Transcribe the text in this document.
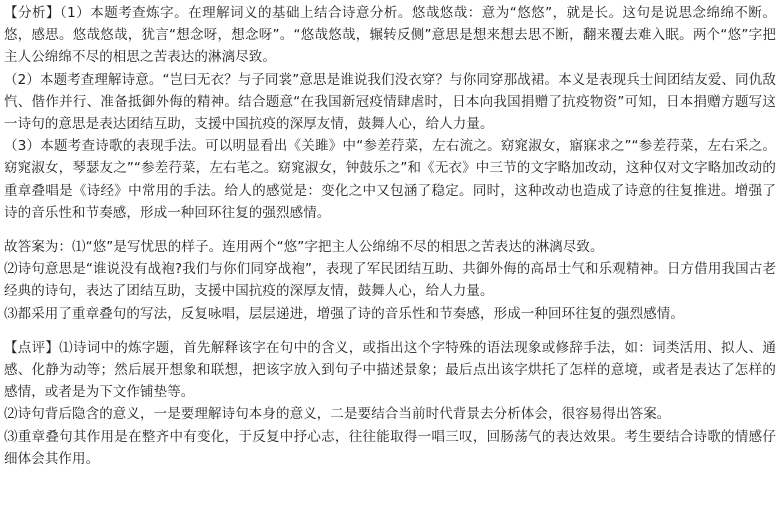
【分析】（1）本题考查炼字。在理解词义的基础上结合诗意分析。悠哉悠哉：意为“悠悠”，就是长。这句是说思念绵绵不断。悠，感思。悠哉悠哉，犹言“想念呀，想念呀”。“悠哉悠哉，辗转反侧”意思是想来想去思不断，翻来覆去难入眠。两个“悠”字把主人公绵绵不尽的相思之苦表达的淋漓尽致。

（2）本题考查理解诗意。“岂曰无衣？与子同裳”意思是谁说我们没衣穿？与你同穿那战裙。本义是表现兵士间团结友爱、同仇敌忾、偕作并行、准备抵御外侮的精神。结合题意“在我国新冠疫情肆虐时，日本向我国捐赠了抗疫物资”可知，日本捐赠方题写这一诗句的意思是表达团结互助，支援中国抗疫的深厚友情，鼓舞人心，给人力量。

（3）本题考查诗歌的表现手法。可以明显看出《关雎》中“参差荇菜，左右流之。窈窕淑女，寤寐求之”“参差荇菜，左右采之。窈窕淑女，琴瑟友之”“参差荇菜，左右芼之。窈窕淑女，钟鼓乐之”和《无衣》中三节的文字略加改动，这种仅对文字略加改动的重章叠唱是《诗经》中常用的手法。给人的感觉是：变化之中又包涵了稳定。同时，这种改动也造成了诗意的往复推进。增强了诗的音乐性和节奏感，形成一种回环往复的强烈感情。

故答案为：⑴“悠”是写忧思的样子。连用两个“悠”字把主人公绵绵不尽的相思之苦表达的淋漓尽致。

⑵诗句意思是“谁说没有战袍?我们与你们同穿战袍”，表现了军民团结互助、共御外侮的高昂士气和乐观精神。日方借用我国古老经典的诗句，表达了团结互助，支援中国抗疫的深厚友情，鼓舞人心，给人力量。

⑶都采用了重章叠句的写法，反复咏唱，层层递进，增强了诗的音乐性和节奏感，形成一种回环往复的强烈感情。

【点评】⑴诗词中的炼字题，首先解释该字在句中的含义，或指出这个字特殊的语法现象或修辞手法，如：词类活用、拟人、通感、化静为动等；然后展开想象和联想，把该字放入到句子中描述景象；最后点出该字烘托了怎样的意境，或者是表达了怎样的感情，或者是为下文作铺垫等。

⑵诗句背后隐含的意义，一是要理解诗句本身的意义，二是要结合当前时代背景去分析体会，很容易得出答案。

⑶重章叠句其作用是在整齐中有变化，于反复中抒心志，往往能取得一唱三叹，回肠荡气的表达效果。考生要结合诗歌的情感仔细体会其作用。
